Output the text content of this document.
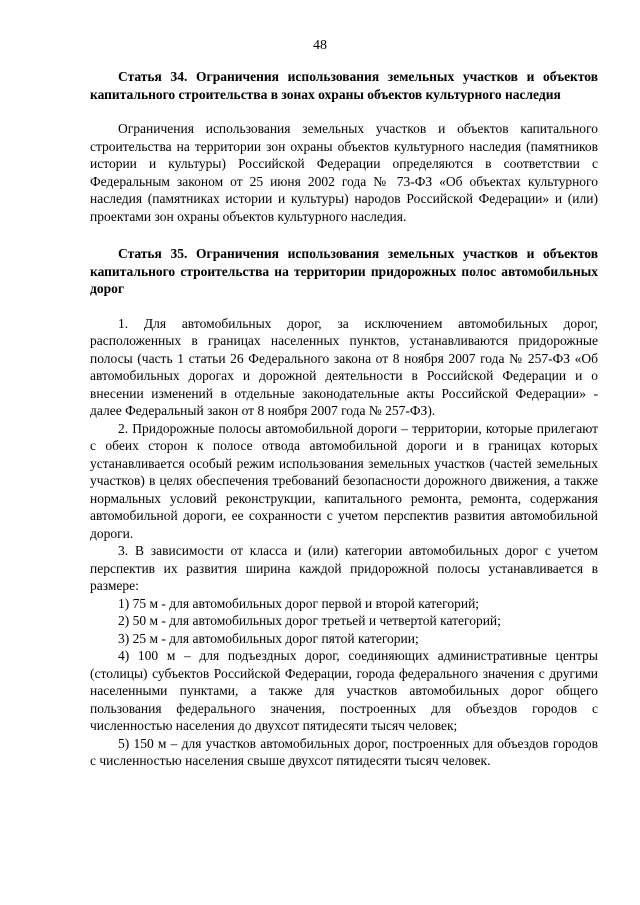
48

Статья 34. Ограничения использования земельных участков и объектов капитального строительства в зонах охраны объектов культурного наследия

Ограничения использования земельных участков и объектов капитального строительства на территории зон охраны объектов культурного наследия (памятников истории и культуры) Российской Федерации определяются в соответствии с Федеральным законом от 25 июня 2002 года № 73-ФЗ «Об объектах культурного наследия (памятниках истории и культуры) народов Российской Федерации» и (или) проектами зон охраны объектов культурного наследия.

Статья 35. Ограничения использования земельных участков и объектов капитального строительства на территории придорожных полос автомобильных дорог

1. Для автомобильных дорог, за исключением автомобильных дорог, расположенных в границах населенных пунктов, устанавливаются придорожные полосы (часть 1 статьи 26 Федерального закона от 8 ноября 2007 года № 257-ФЗ «Об автомобильных дорогах и дорожной деятельности в Российской Федерации и о внесении изменений в отдельные законодательные акты Российской Федерации» - далее Федеральный закон от 8 ноября 2007 года № 257-ФЗ).

2. Придорожные полосы автомобильной дороги – территории, которые прилегают с обеих сторон к полосе отвода автомобильной дороги и в границах которых устанавливается особый режим использования земельных участков (частей земельных участков) в целях обеспечения требований безопасности дорожного движения, а также нормальных условий реконструкции, капитального ремонта, ремонта, содержания автомобильной дороги, ее сохранности с учетом перспектив развития автомобильной дороги.

3. В зависимости от класса и (или) категории автомобильных дорог с учетом перспектив их развития ширина каждой придорожной полосы устанавливается в размере:

1) 75 м - для автомобильных дорог первой и второй категорий;

2) 50 м - для автомобильных дорог третьей и четвертой категорий;

3) 25 м - для автомобильных дорог пятой категории;

4) 100 м – для подъездных дорог, соединяющих административные центры (столицы) субъектов Российской Федерации, города федерального значения с другими населенными пунктами, а также для участков автомобильных дорог общего пользования федерального значения, построенных для объездов городов с численностью населения до двухсот пятидесяти тысяч человек;

5) 150 м – для участков автомобильных дорог, построенных для объездов городов с численностью населения свыше двухсот пятидесяти тысяч человек.
